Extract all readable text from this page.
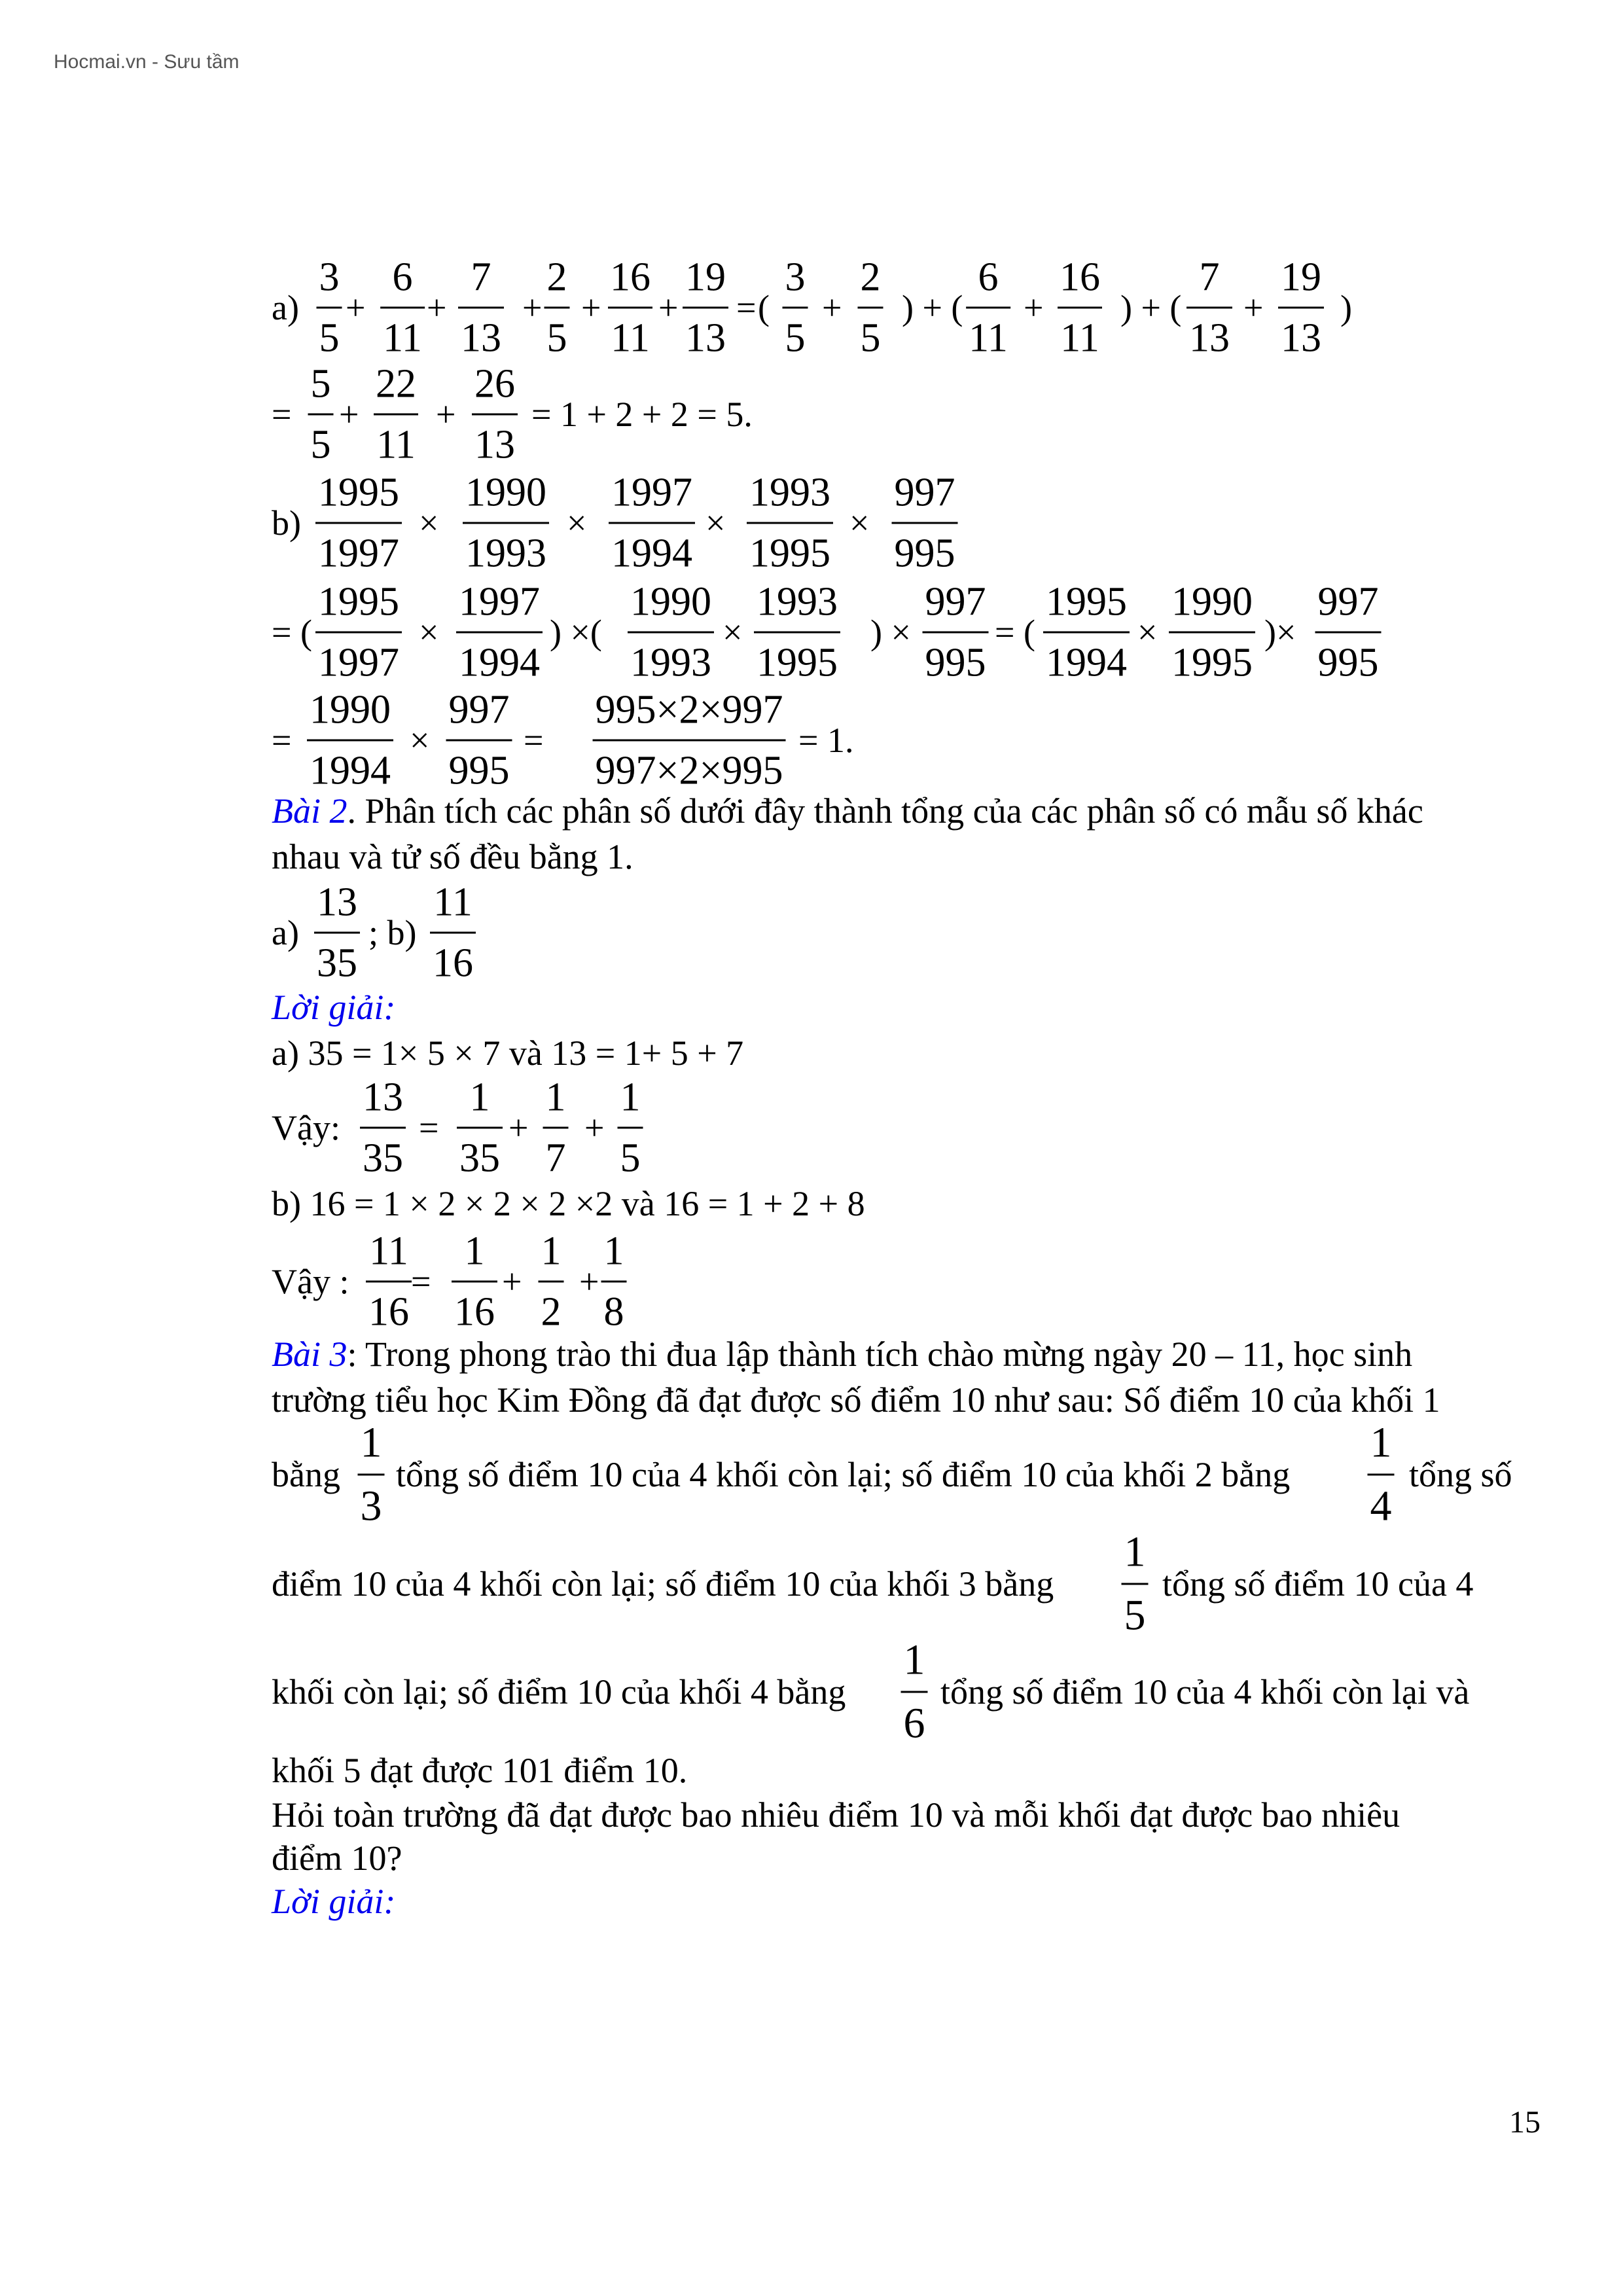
Hocmai.vn - Sưu tầm
a)
3
5
+
6
11
+
7
13
+
2
5
+
16
11
+
19
13
= (
3
5
+
2
5
) + (
6
11
+
16
11
) + (
7
13
+
19
13
)
=
5
5
+
22
11
+
26
13
= 1 + 2 + 2 = 5.
b)
1995
1997
×
1990
1993
×
1997
1994
×
1993
1995
×
997
995
= (
1995
1997
×
1997
1994
) ×(
1990
1993
×
1993
1995
) ×
997
995
= (
1995
1994
×
1990
1995
)×
997
995
=
1990
1994
×
997
995
=
995×2×997
997×2×995
= 1.
Bài 2. Phân tích các phân số dưới đây thành tổng của các phân số có mẫu số khác
nhau và tử số đều bằng 1.
a)
13
35
; b)
11
16
Lời giải:
a) 35 = 1× 5 × 7 và 13 = 1+ 5 + 7
Vậy:
13
35
=
1
35
+
1
7
+
1
5
b) 16 = 1 × 2 × 2 × 2 ×2 và 16 = 1 + 2 + 8
Vậy :
11
16
=
1
16
+
1
2
+
1
8
Bài 3: Trong phong trào thi đua lập thành tích chào mừng ngày 20 – 11, học sinh
trường tiểu học Kim Đồng đã đạt được số điểm 10 như sau: Số điểm 10 của khối 1
bằng
1
3
tổng số điểm 10 của 4 khối còn lại; số điểm 10 của khối 2 bằng
1
4
tổng số
điểm 10 của 4 khối còn lại; số điểm 10 của khối 3 bằng
1
5
tổng số điểm 10 của 4
khối còn lại; số điểm 10 của khối 4 bằng
1
6
tổng số điểm 10 của 4 khối còn lại và
khối 5 đạt được 101 điểm 10.
Hỏi toàn trường đã đạt được bao nhiêu điểm 10 và mỗi khối đạt được bao nhiêu
điểm 10?
Lời giải:
15
